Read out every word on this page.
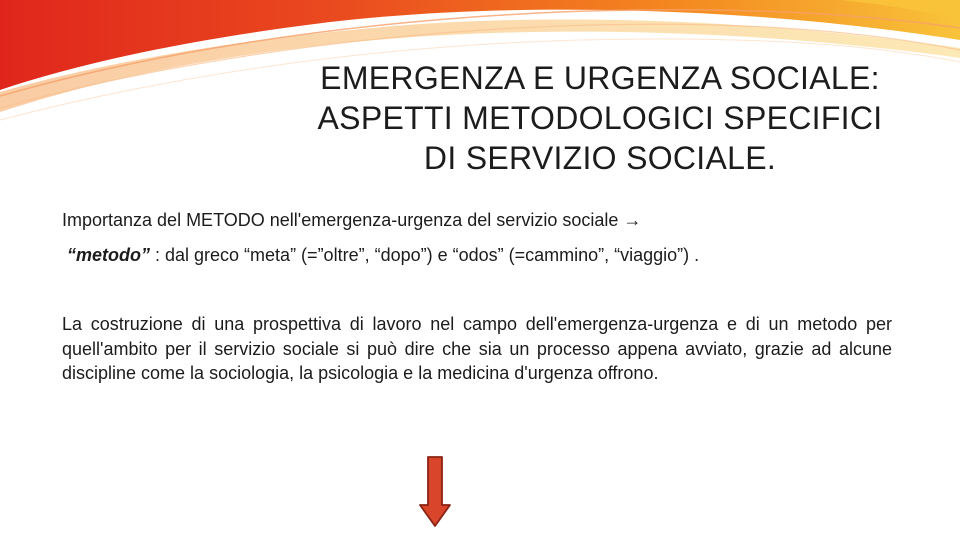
EMERGENZA E URGENZA SOCIALE:
ASPETTI METODOLOGICI SPECIFICI
DI SERVIZIO SOCIALE.
Importanza del METODO nell'emergenza-urgenza del servizio sociale →
“metodo” : dal greco “meta” (=”oltre”, “dopo”) e “odos” (=cammino”, “viaggio”) .
La costruzione di una prospettiva di lavoro nel campo dell'emergenza-urgenza e di un metodo per quell'ambito per il servizio sociale si può dire che sia un processo appena avviato, grazie ad alcune discipline come la sociologia, la psicologia e la medicina d'urgenza offrono.
